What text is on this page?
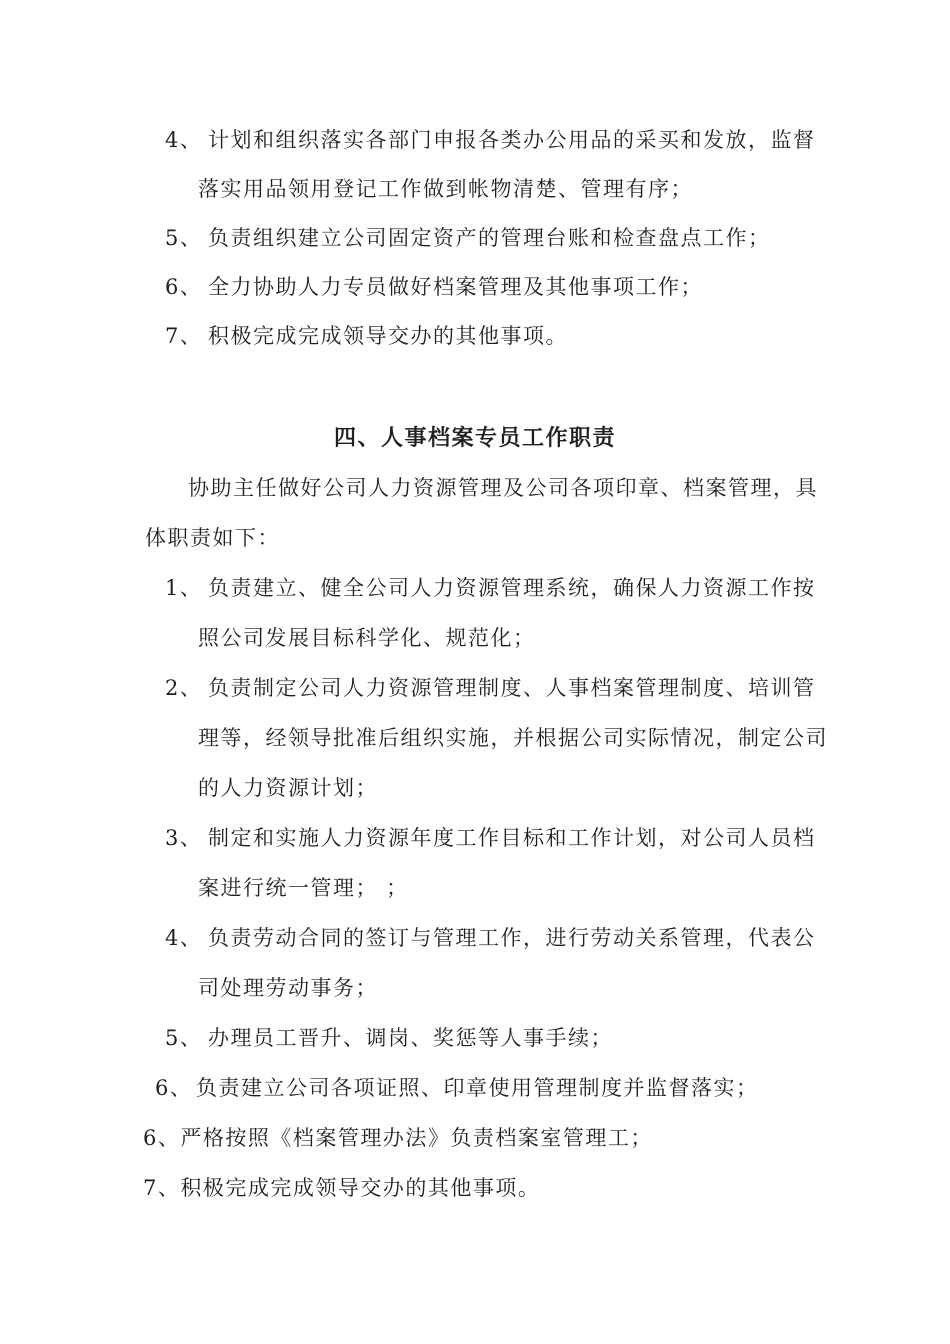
4、 计划和组织落实各部门申报各类办公用品的采买和发放，监督
落实用品领用登记工作做到帐物清楚、管理有序；
5、 负责组织建立公司固定资产的管理台账和检查盘点工作；
6、 全力协助人力专员做好档案管理及其他事项工作；
7、 积极完成完成领导交办的其他事项。
四、人事档案专员工作职责
协助主任做好公司人力资源管理及公司各项印章、档案管理，具
体职责如下：
1、 负责建立、健全公司人力资源管理系统，确保人力资源工作按
照公司发展目标科学化、规范化；
2、 负责制定公司人力资源管理制度、人事档案管理制度、培训管
理等，经领导批准后组织实施，并根据公司实际情况，制定公司
的人力资源计划；
3、 制定和实施人力资源年度工作目标和工作计划，对公司人员档
案进行统一管理； ；
4、 负责劳动合同的签订与管理工作，进行劳动关系管理，代表公
司处理劳动事务；
5、 办理员工晋升、调岗、奖惩等人事手续；
6、 负责建立公司各项证照、印章使用管理制度并监督落实；
6、严格按照《档案管理办法》负责档案室管理工；
7、积极完成完成领导交办的其他事项。
